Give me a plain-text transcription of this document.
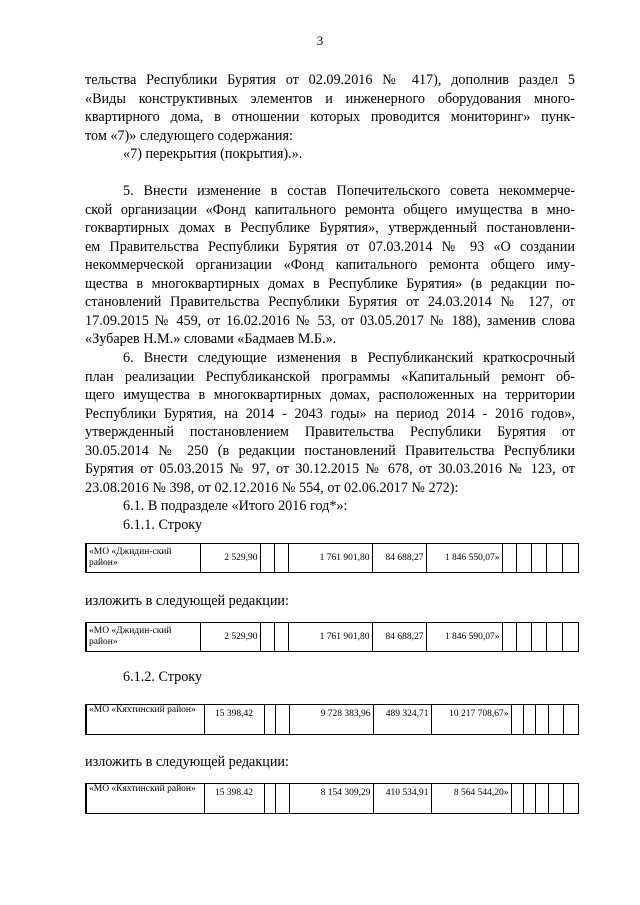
3
тельства Республики Бурятия от 02.09.2016 № 417), дополнив раздел 5
«Виды конструктивных элементов и инженерного оборудования много-
квартирного дома, в отношении которых проводится мониторинг» пунк-
том «7)» следующего содержания:
«7) перекрытия (покрытия).».
5. Внести изменение в состав Попечительского совета некоммерче-
ской организации «Фонд капитального ремонта общего имущества в мно-
гоквартирных домах в Республике Бурятия», утвержденный постановлени-
ем Правительства Республики Бурятия от 07.03.2014 № 93 «О создании
некоммерческой организации «Фонд капитального ремонта общего иму-
щества в многоквартирных домах в Республике Бурятия» (в редакции по-
становлений Правительства Республики Бурятия от 24.03.2014 № 127, от
17.09.2015 № 459, от 16.02.2016 № 53, от 03.05.2017 № 188), заменив слова
«Зубарев Н.М.» словами «Бадмаев М.Б.».
6. Внести следующие изменения в Республиканский краткосрочный
план реализации Республиканской программы «Капитальный ремонт об-
щего имущества в многоквартирных домах, расположенных на территории
Республики Бурятия, на 2014 - 2043 годы» на период 2014 - 2016 годов»,
утвержденный постановлением Правительства Республики Бурятия от
30.05.2014 № 250 (в редакции постановлений Правительства Республики
Бурятия от 05.03.2015 № 97, от 30.12.2015 № 678, от 30.03.2016 № 123, от
23.08.2016 № 398, от 02.12.2016 № 554, от 02.06.2017 № 272):
6.1. В подразделе «Итого 2016 год*»:
6.1.1. Строку
«МО «Джидин-ский район»	2 529,90			1 761 901,80	84 688,27	1 846 550,07»					
изложить в следующей редакции:
«МО «Джидин-ский район»	2 529,90			1 761 901,80	84 688,27	1 846 590,07»					
6.1.2. Строку
«МО «Кяхтинский район»	15 398,42			9 728 383,96	489 324,71	10 217 708,67»					
изложить в следующей редакции:
«МО «Кяхтинский район»	15 398.42			8 154 309,29	410 534,91	8 564 544,20»					
